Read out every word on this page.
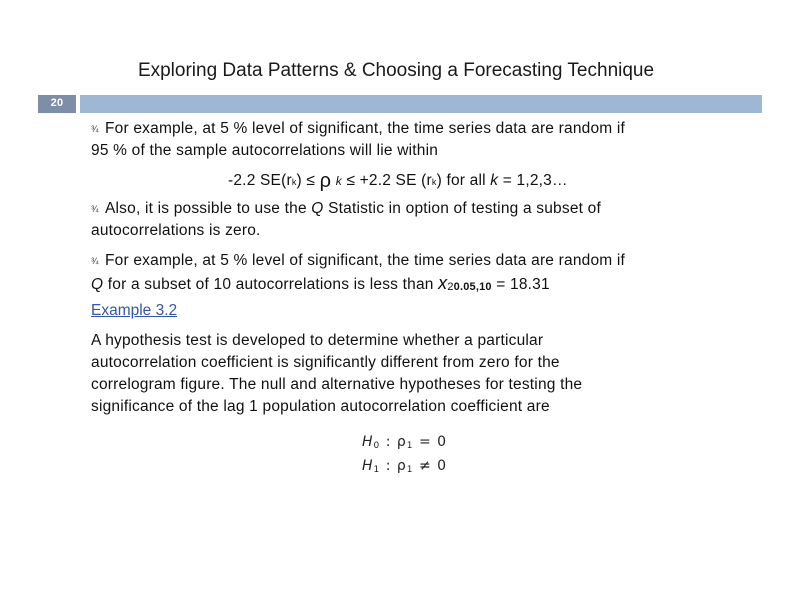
Exploring Data Patterns & Choosing a Forecasting Technique
20
¾ For example, at 5 % level of significant, the time series data are random if
95 % of the sample autocorrelations will lie within
-2.2 SE(rk) ≤ ρ k ≤ +2.2 SE (rk) for all k = 1,2,3…
¾ Also, it is possible to use the Q Statistic in option of testing a subset of
autocorrelations is zero.
¾ For example, at 5 % level of significant, the time series data are random if
Q for a subset of 10 autocorrelations is less than x20.05,10 = 18.31
Example 3.2
A hypothesis test is developed to determine whether a particular
autocorrelation coefficient is significantly different from zero for the
correlogram figure. The null and alternative hypotheses for testing the
significance of the lag 1 population autocorrelation coefficient are
H0 : ρ1 = 0
H1 : ρ1 ≠ 0
